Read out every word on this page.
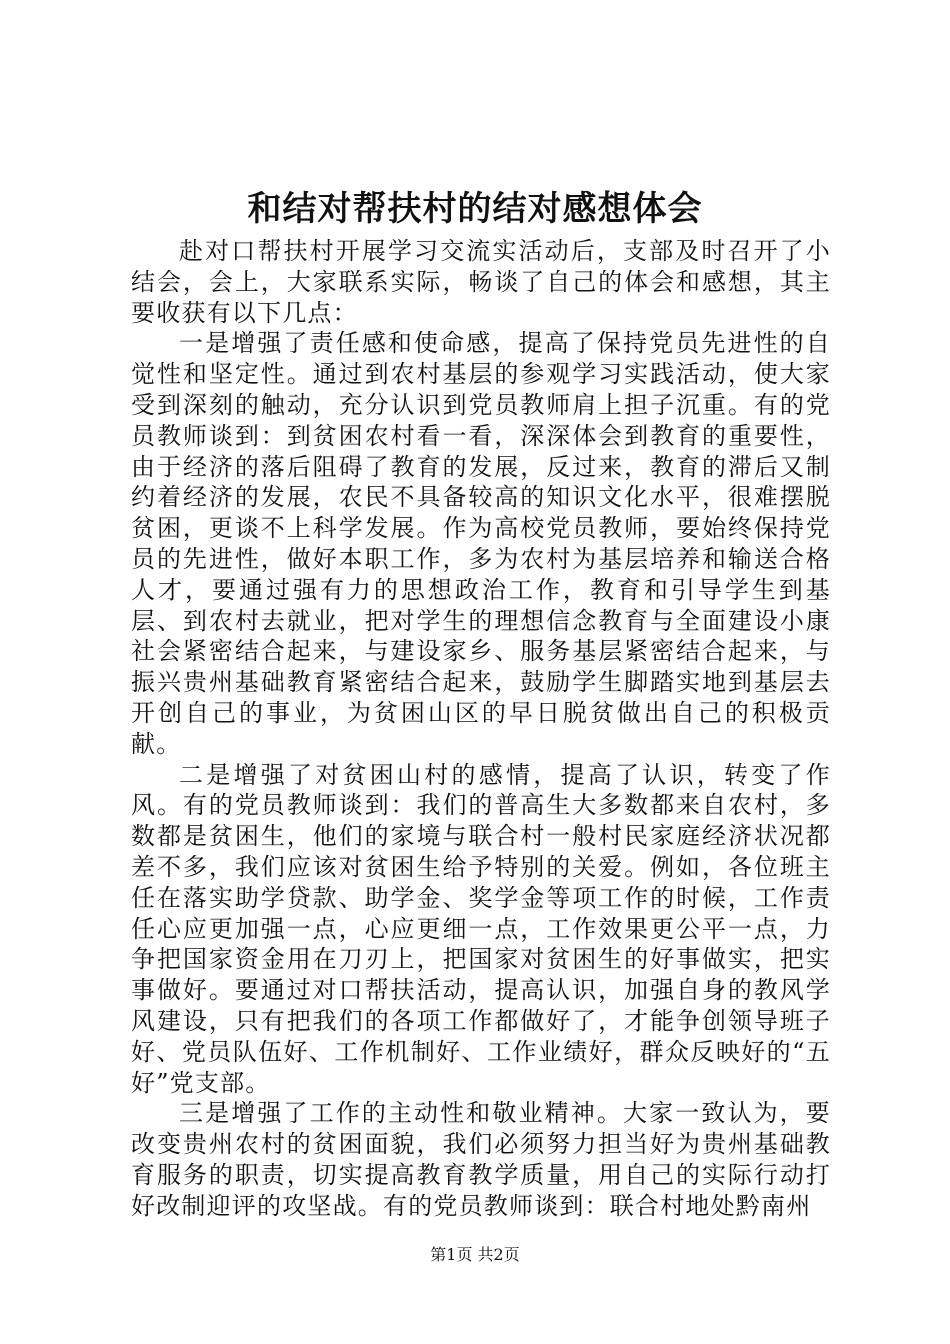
和结对帮扶村的结对感想体会

赴对口帮扶村开展学习交流实活动后，支部及时召开了小结会，会上，大家联系实际，畅谈了自己的体会和感想，其主要收获有以下几点：

一是增强了责任感和使命感，提高了保持党员先进性的自觉性和坚定性。通过到农村基层的参观学习实践活动，使大家受到深刻的触动，充分认识到党员教师肩上担子沉重。有的党员教师谈到：到贫困农村看一看，深深体会到教育的重要性，由于经济的落后阻碍了教育的发展，反过来，教育的滞后又制约着经济的发展，农民不具备较高的知识文化水平，很难摆脱贫困，更谈不上科学发展。作为高校党员教师，要始终保持党员的先进性，做好本职工作，多为农村为基层培养和输送合格人才，要通过强有力的思想政治工作，教育和引导学生到基层、到农村去就业，把对学生的理想信念教育与全面建设小康社会紧密结合起来，与建设家乡、服务基层紧密结合起来，与振兴贵州基础教育紧密结合起来，鼓励学生脚踏实地到基层去开创自己的事业，为贫困山区的早日脱贫做出自己的积极贡献。

二是增强了对贫困山村的感情，提高了认识，转变了作风。有的党员教师谈到：我们的普高生大多数都来自农村，多数都是贫困生，他们的家境与联合村一般村民家庭经济状况都差不多，我们应该对贫困生给予特别的关爱。例如，各位班主任在落实助学贷款、助学金、奖学金等项工作的时候，工作责任心应更加强一点，心应更细一点，工作效果更公平一点，力争把国家资金用在刀刃上，把国家对贫困生的好事做实，把实事做好。要通过对口帮扶活动，提高认识，加强自身的教风学风建设，只有把我们的各项工作都做好了，才能争创领导班子好、党员队伍好、工作机制好、工作业绩好，群众反映好的“五好”党支部。

三是增强了工作的主动性和敬业精神。大家一致认为，要改变贵州农村的贫困面貌，我们必须努力担当好为贵州基础教育服务的职责，切实提高教育教学质量，用自己的实际行动打好改制迎评的攻坚战。有的党员教师谈到：联合村地处黔南州

第1页 共2页
